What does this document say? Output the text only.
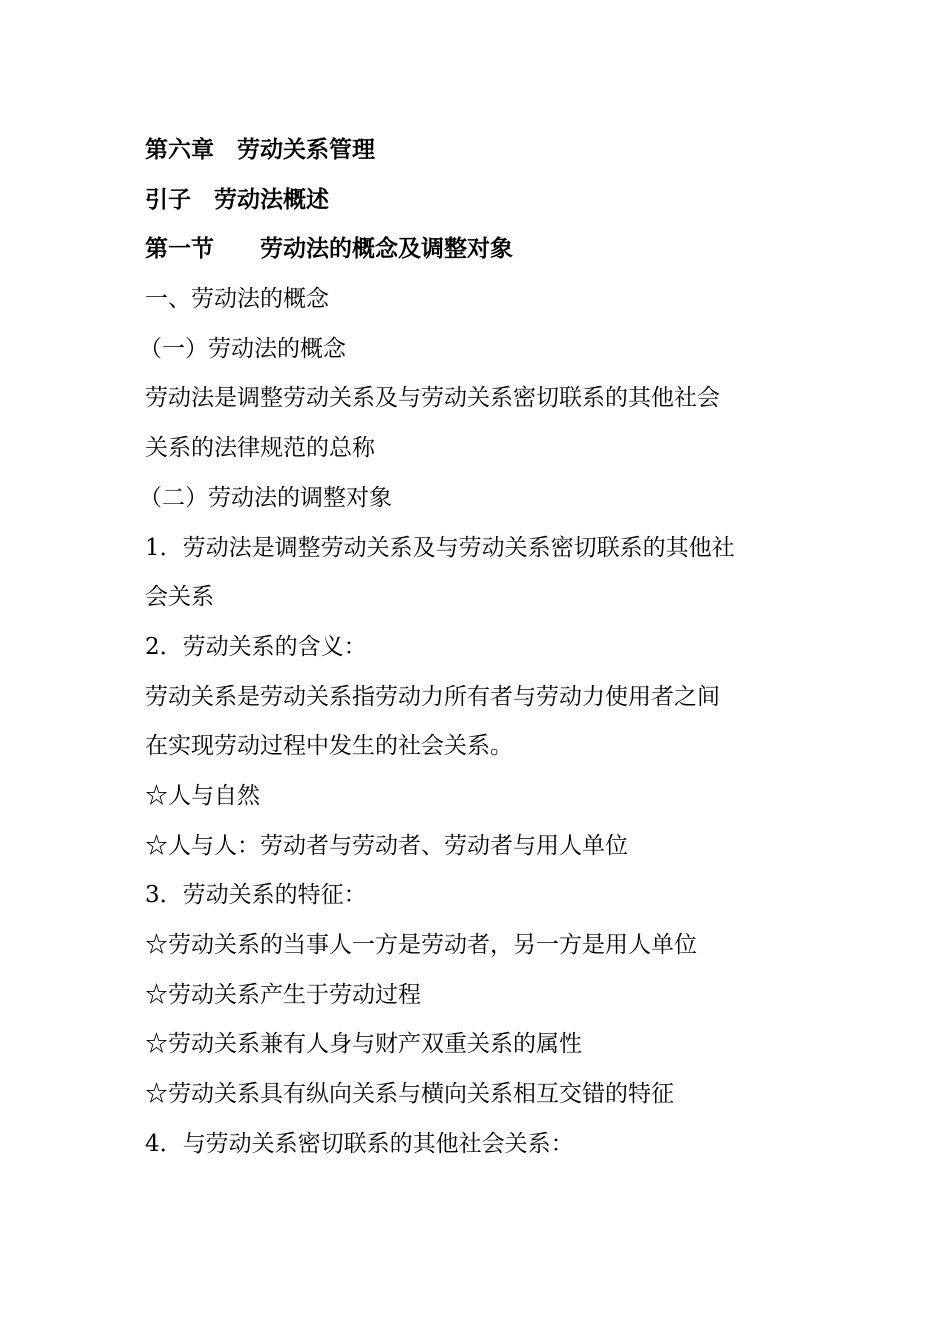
第六章　劳动关系管理

引子　劳动法概述

第一节　　劳动法的概念及调整对象

一、劳动法的概念

（一）劳动法的概念

劳动法是调整劳动关系及与劳动关系密切联系的其他社会

关系的法律规范的总称

（二）劳动法的调整对象

1．劳动法是调整劳动关系及与劳动关系密切联系的其他社

会关系

2．劳动关系的含义：

劳动关系是劳动关系指劳动力所有者与劳动力使用者之间

在实现劳动过程中发生的社会关系。

☆人与自然

☆人与人：劳动者与劳动者、劳动者与用人单位

3．劳动关系的特征：

☆劳动关系的当事人一方是劳动者，另一方是用人单位

☆劳动关系产生于劳动过程

☆劳动关系兼有人身与财产双重关系的属性

☆劳动关系具有纵向关系与横向关系相互交错的特征

4．与劳动关系密切联系的其他社会关系：
